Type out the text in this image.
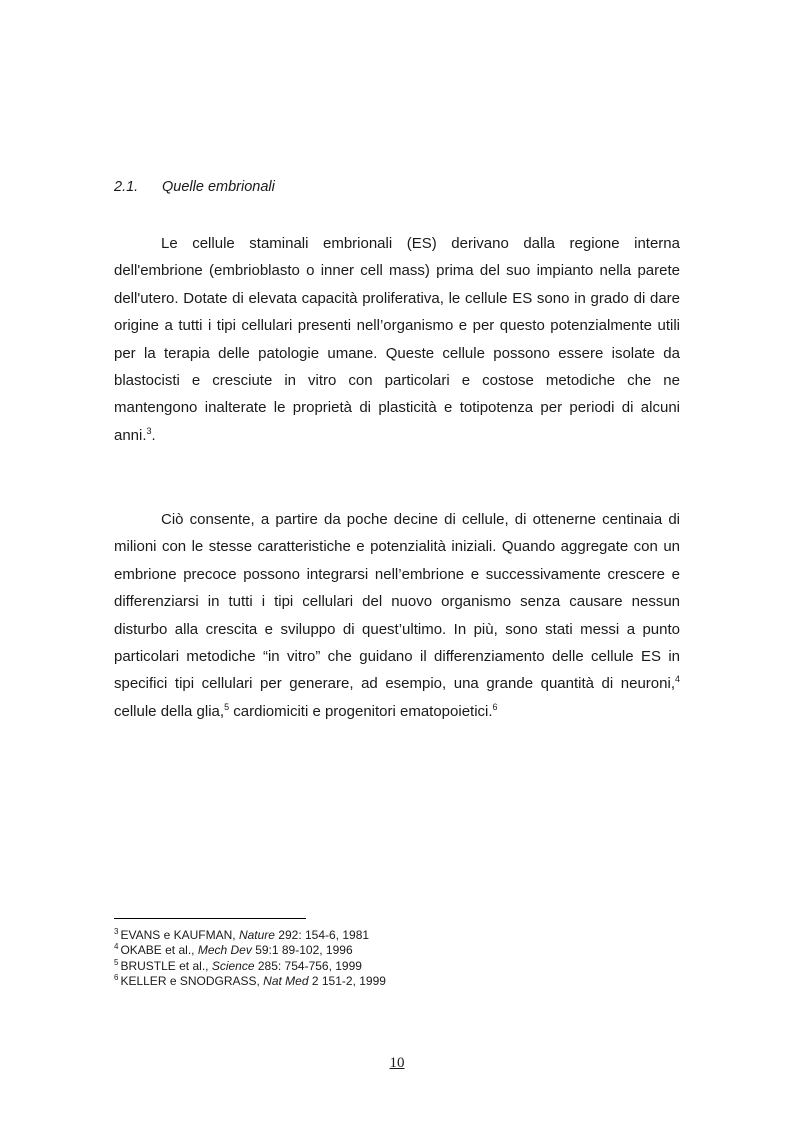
2.1. Quelle embrionali

Le cellule staminali embrionali (ES) derivano dalla regione interna dell'embrione (embrioblasto o inner cell mass) prima del suo impianto nella parete dell'utero. Dotate di elevata capacità proliferativa, le cellule ES sono in grado di dare origine a tutti i tipi cellulari presenti nell’organismo e per questo potenzialmente utili per la terapia delle patologie umane. Queste cellule possono essere isolate da blastocisti e cresciute in vitro con particolari e costose metodiche che ne mantengono inalterate le proprietà di plasticità e totipotenza per periodi di alcuni anni.$^3$.

Ciò consente, a partire da poche decine di cellule, di ottenerne centinaia di milioni con le stesse caratteristiche e potenzialità iniziali. Quando aggregate con un embrione precoce possono integrarsi nell’embrione e successivamente crescere e differenziarsi in tutti i tipi cellulari del nuovo organismo senza causare nessun disturbo alla crescita e sviluppo di quest’ultimo. In più, sono stati messi a punto particolari metodiche “in vitro” che guidano il differenziamento delle cellule ES in specifici tipi cellulari per generare, ad esempio, una grande quantità di neuroni,$^4$ cellule della glia,$^5$ cardiomiciti e progenitori ematopoietici.$^6$

$^3$ EVANS e KAUFMAN, Nature 292: 154-6, 1981
$^4$ OKABE et al., Mech Dev 59:1 89-102, 1996
$^5$ BRUSTLE et al., Science 285: 754-756, 1999
$^6$ KELLER e SNODGRASS, Nat Med 2 151-2, 1999
10
